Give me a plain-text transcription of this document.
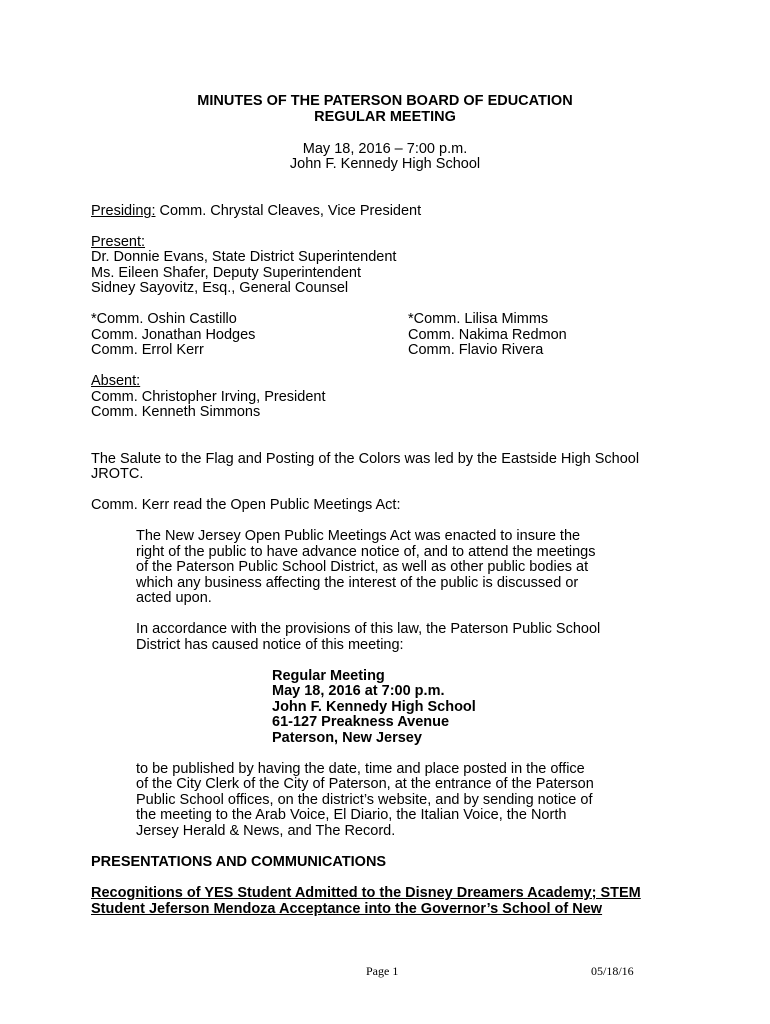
MINUTES OF THE PATERSON BOARD OF EDUCATION

REGULAR MEETING

May 18, 2016 – 7:00 p.m.

John F. Kennedy High School

Presiding: Comm. Chrystal Cleaves, Vice President

Present:

Dr. Donnie Evans, State District Superintendent

Ms. Eileen Shafer, Deputy Superintendent

Sidney Sayovitz, Esq., General Counsel

*Comm. Oshin Castillo

Comm. Jonathan Hodges

Comm. Errol Kerr

*Comm. Lilisa Mimms

Comm. Nakima Redmon

Comm. Flavio Rivera

Absent:

Comm. Christopher Irving, President

Comm. Kenneth Simmons

The Salute to the Flag and Posting of the Colors was led by the Eastside High School

JROTC.

Comm. Kerr read the Open Public Meetings Act:

The New Jersey Open Public Meetings Act was enacted to insure the

right of the public to have advance notice of, and to attend the meetings

of the Paterson Public School District, as well as other public bodies at

which any business affecting the interest of the public is discussed or

acted upon.

In accordance with the provisions of this law, the Paterson Public School

District has caused notice of this meeting:

Regular Meeting

May 18, 2016 at 7:00 p.m.

John F. Kennedy High School

61-127 Preakness Avenue

Paterson, New Jersey

to be published by having the date, time and place posted in the office

of the City Clerk of the City of Paterson, at the entrance of the Paterson

Public School offices, on the district’s website, and by sending notice of

the meeting to the Arab Voice, El Diario, the Italian Voice, the North

Jersey Herald & News, and The Record.

PRESENTATIONS AND COMMUNICATIONS

Recognitions of YES Student Admitted to the Disney Dreamers Academy; STEM

Student Jeferson Mendoza Acceptance into the Governor’s School of New

Page 1	05/18/16
